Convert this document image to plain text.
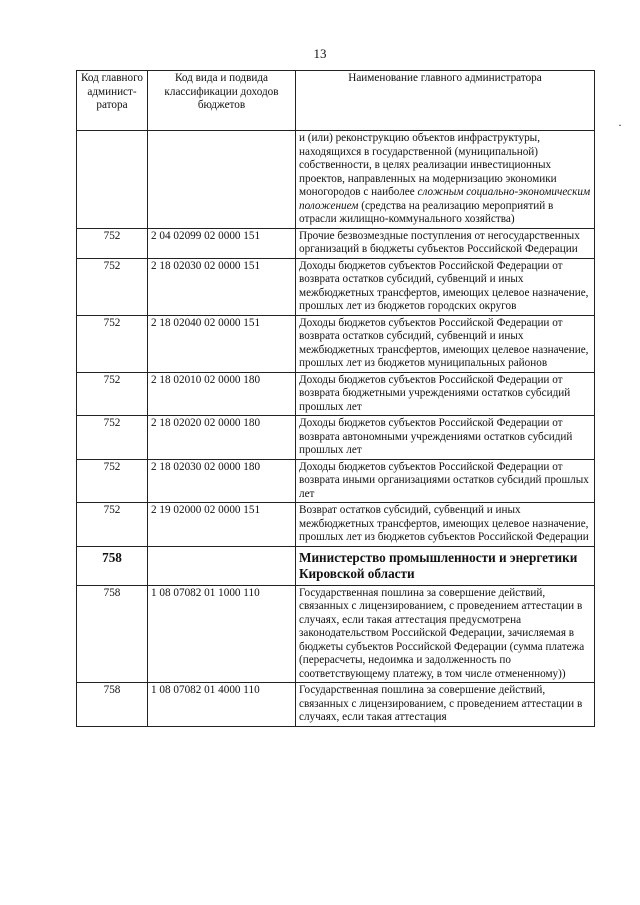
13
·
Код главного админист-ратора	Код вида и подвида классификации доходов бюджетов	Наименование главного администратора
		и (или) реконструкцию объектов инфраструктуры, находящихся в государственной (муниципальной) собственности, в целях реализации инвестиционных проектов, направленных на модернизацию экономики моногородов с наиболее сложным социально-экономическим положением (средства на реализацию мероприятий в отрасли жилищно-коммунального хозяйства)
752	2 04 02099 02 0000 151	Прочие безвозмездные поступления от негосударственных организаций в бюджеты субъектов Российской Федерации
752	2 18 02030 02 0000 151	Доходы бюджетов субъектов Российской Федерации от возврата остатков субсидий, субвенций и иных межбюджетных трансфертов, имеющих целевое назначение, прошлых лет из бюджетов городских округов
752	2 18 02040 02 0000 151	Доходы бюджетов субъектов Российской Федерации от возврата остатков субсидий, субвенций и иных межбюджетных трансфертов, имеющих целевое назначение, прошлых лет из бюджетов муниципальных районов
752	2 18 02010 02 0000 180	Доходы бюджетов субъектов Российской Федерации от возврата бюджетными учреждениями остатков субсидий прошлых лет
752	2 18 02020 02 0000 180	Доходы бюджетов субъектов Российской Федерации от возврата автономными учреждениями остатков субсидий прошлых лет
752	2 18 02030 02 0000 180	Доходы бюджетов субъектов Российской Федерации от возврата иными организациями остатков субсидий прошлых лет
752	2 19 02000 02 0000 151	Возврат остатков субсидий, субвенций и иных межбюджетных трансфертов, имеющих целевое назначение, прошлых лет из бюджетов субъектов Российской Федерации
758		Министерство промышленности и энергетики Кировской области
758	1 08 07082 01 1000 110	Государственная пошлина за совершение действий, связанных с лицензированием, с проведением аттестации в случаях, если такая аттестация предусмотрена законодательством Российской Федерации, зачисляемая в бюджеты субъектов Российской Федерации (сумма платежа (перерасчеты, недоимка и задолженность по соответствующему платежу, в том числе отмененному))
758	1 08 07082 01 4000 110	Государственная пошлина за совершение действий, связанных с лицензированием, с проведением аттестации в случаях, если такая аттестация
